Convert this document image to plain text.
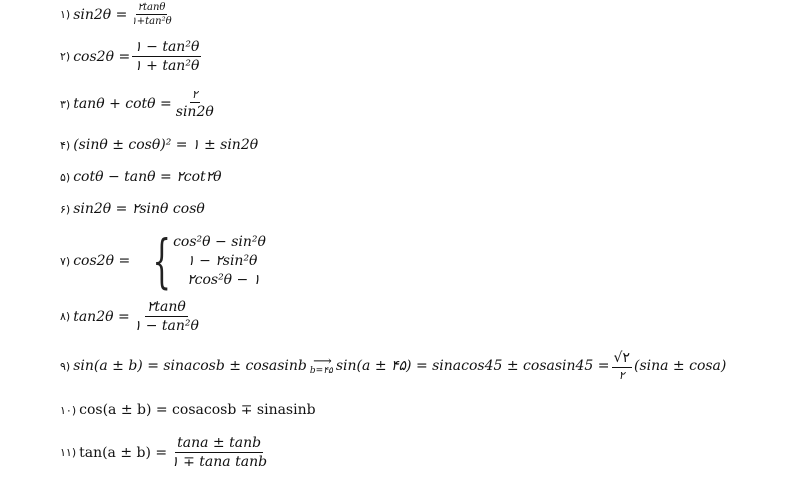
۱) $\sin 2\theta = \frac{۲\tan\theta}{\text{۱+tan²θ}}$
۲) $\cos 2\theta = \frac{\text{۱ − tan²θ}}{\text{۱ + tan²θ}}$
۳) $\tan\theta + \cot\theta = \frac{۲}{\sin 2\theta}$
۴) (sinθ ± cosθ)² = ۱ ± sin2θ
۵) cotθ − tanθ = ۲cot۲θ
۶) sin2θ = ۲sinθ cosθ
۷) cos2θ = { cos²θ − sin²θ
۱ − ۲sin²θ
۲cos²θ − ۱
۸) $\tan 2\theta = \frac{۲\tan\theta}{\text{۱ − tan²θ}}$
۹) sin(a ± b) = sinacosb ± cosasinb ⟶
b=۴۵ sin(a ± ۴۵) = sinacos45 ± cosasin45 = $\frac{√۲}{۲} (\sin a \pm \cos a)$
۱۰) cos(a ± b) = cosacosb ∓ sinasinb
۱۱) $\tan(a \pm b) = \frac{\tan a \pm \tan b}{\text{۱ ∓ tana tanb}}$
